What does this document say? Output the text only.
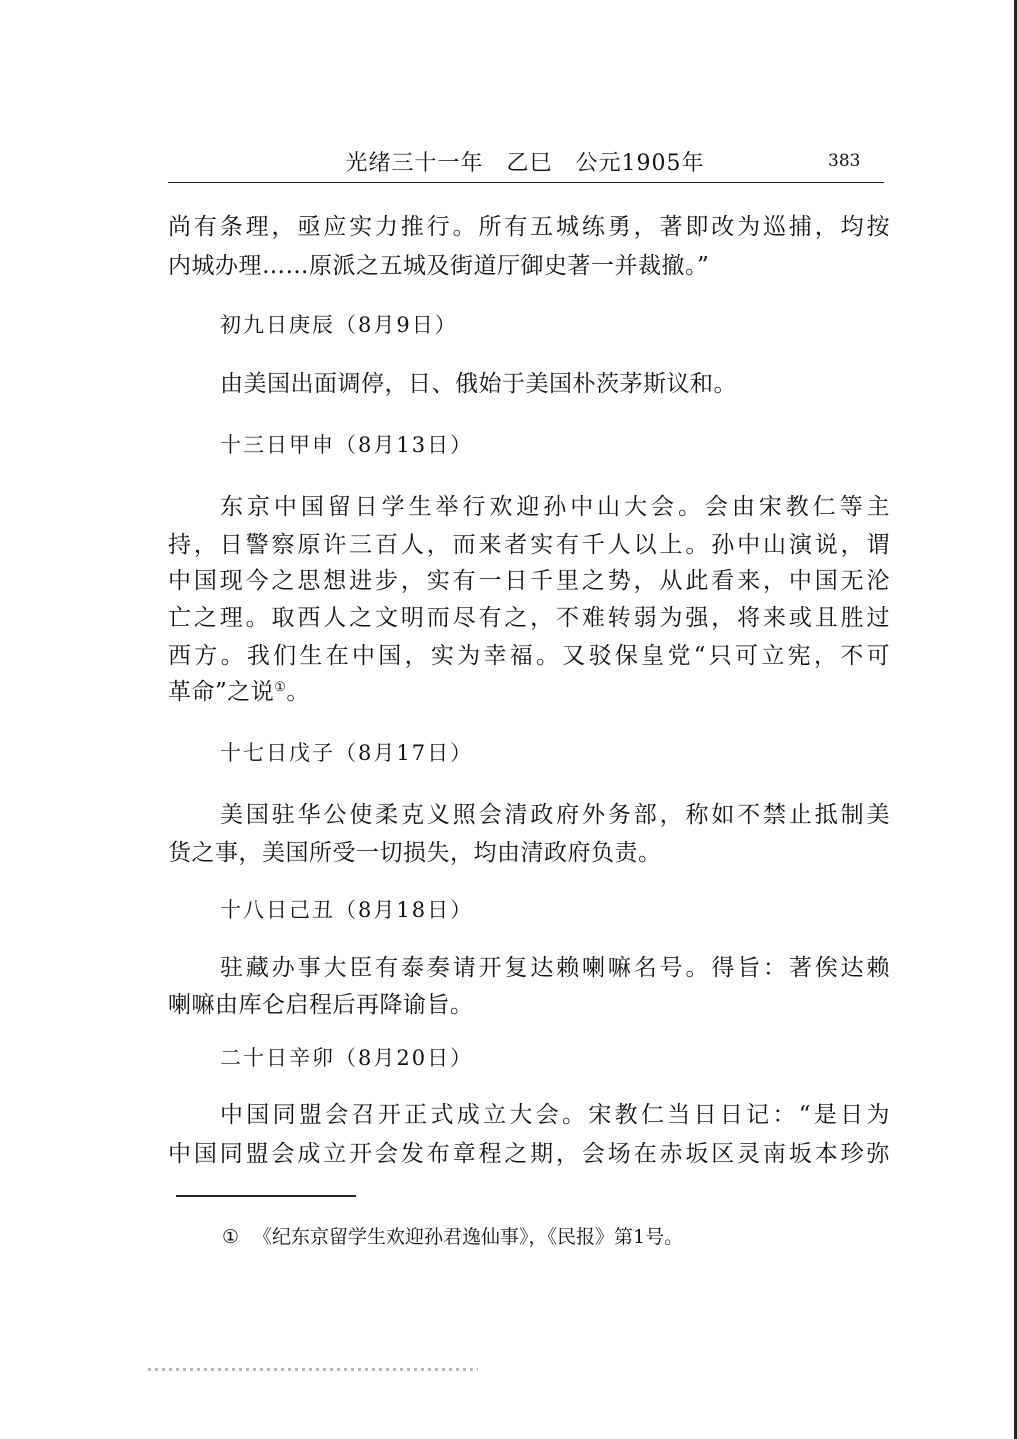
光绪三十一年　乙巳　公元1905年	383
尚有条理，亟应实力推行。所有五城练勇，著即改为巡捕，均按
内城办理……原派之五城及街道厅御史著一并裁撤。”
初九日庚辰（8月9日）
由美国出面调停，日、俄始于美国朴茨茅斯议和。
十三日甲申（8月13日）
东京中国留日学生举行欢迎孙中山大会。会由宋教仁等主
持，日警察原许三百人，而来者实有千人以上。孙中山演说，谓
中国现今之思想进步，实有一日千里之势，从此看来，中国无沦
亡之理。取西人之文明而尽有之，不难转弱为强，将来或且胜过
西方。我们生在中国，实为幸福。又驳保皇党“只可立宪，不可
革命”之说①。
十七日戊子（8月17日）
美国驻华公使柔克义照会清政府外务部，称如不禁止抵制美
货之事，美国所受一切损失，均由清政府负责。
十八日己丑（8月18日）
驻藏办事大臣有泰奏请开复达赖喇嘛名号。得旨：著俟达赖
喇嘛由库仑启程后再降谕旨。
二十日辛卯（8月20日）
中国同盟会召开正式成立大会。宋教仁当日日记：“是日为
中国同盟会成立开会发布章程之期，会场在赤坂区灵南坂本珍弥
① 《纪东京留学生欢迎孙君逸仙事》，《民报》第1号。
